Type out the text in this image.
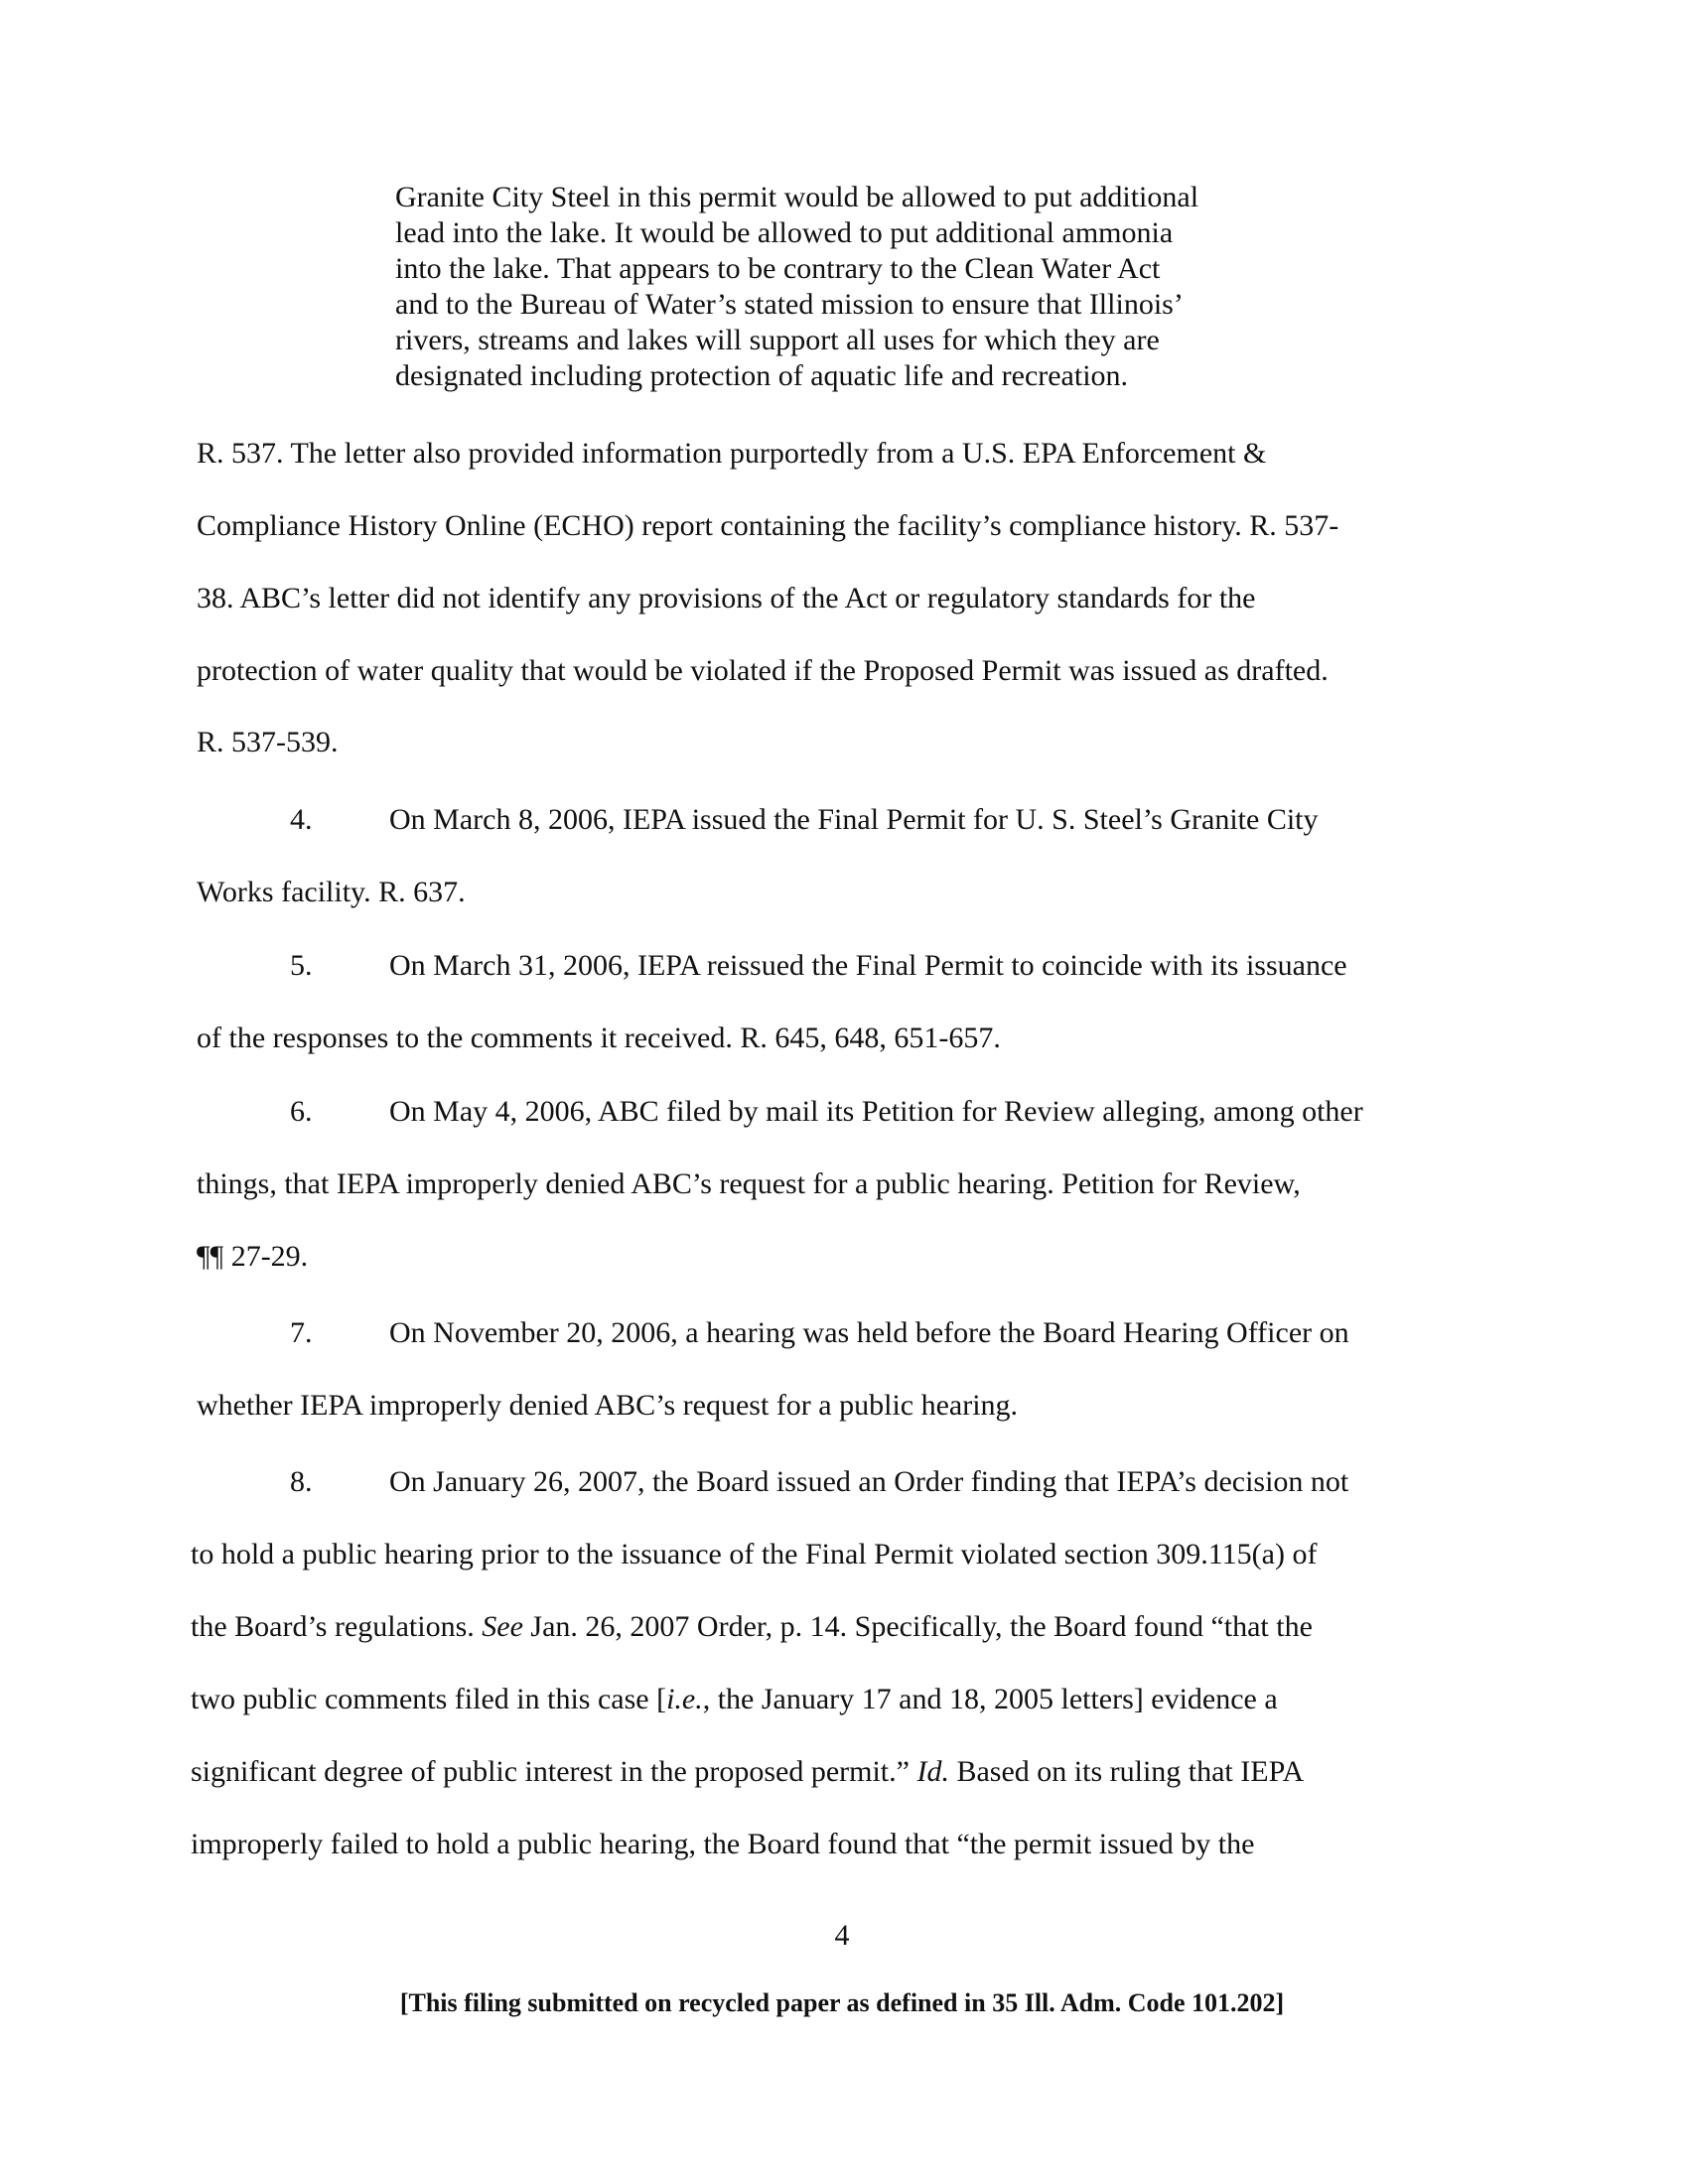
Granite City Steel in this permit would be allowed to put additional
lead into the lake. It would be allowed to put additional ammonia
into the lake. That appears to be contrary to the Clean Water Act
and to the Bureau of Water’s stated mission to ensure that Illinois’
rivers, streams and lakes will support all uses for which they are
designated including protection of aquatic life and recreation.
R. 537. The letter also provided information purportedly from a U.S. EPA Enforcement &
Compliance History Online (ECHO) report containing the facility’s compliance history. R. 537-
38. ABC’s letter did not identify any provisions of the Act or regulatory standards for the
protection of water quality that would be violated if the Proposed Permit was issued as drafted.
R. 537-539.
4.	On March 8, 2006, IEPA issued the Final Permit for U. S. Steel’s Granite City
Works facility. R. 637.
5.	On March 31, 2006, IEPA reissued the Final Permit to coincide with its issuance
of the responses to the comments it received. R. 645, 648, 651-657.
6.	On May 4, 2006, ABC filed by mail its Petition for Review alleging, among other
things, that IEPA improperly denied ABC’s request for a public hearing. Petition for Review,
¶¶ 27-29.
7.	On November 20, 2006, a hearing was held before the Board Hearing Officer on
whether IEPA improperly denied ABC’s request for a public hearing.
8.	On January 26, 2007, the Board issued an Order finding that IEPA’s decision not
to hold a public hearing prior to the issuance of the Final Permit violated section 309.115(a) of
the Board’s regulations. See Jan. 26, 2007 Order, p. 14. Specifically, the Board found “that the
two public comments filed in this case [i.e., the January 17 and 18, 2005 letters] evidence a
significant degree of public interest in the proposed permit.” Id. Based on its ruling that IEPA
improperly failed to hold a public hearing, the Board found that “the permit issued by the
4
[This filing submitted on recycled paper as defined in 35 Ill. Adm. Code 101.202]
